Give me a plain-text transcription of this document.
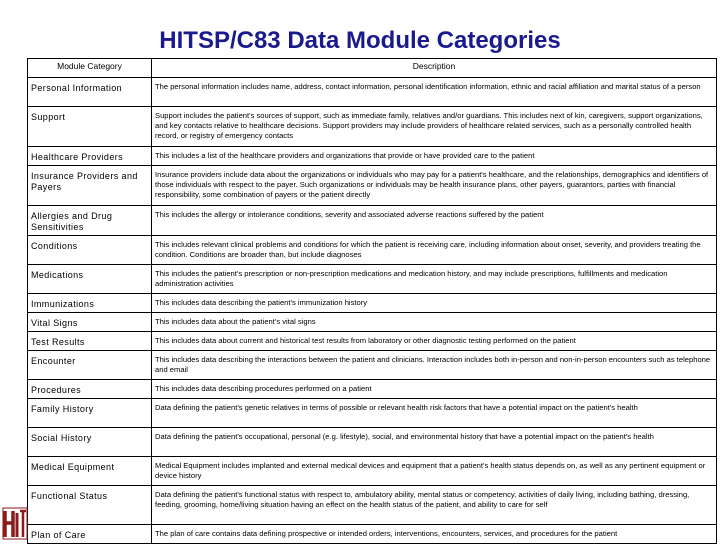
HITSP/C83 Data Module Categories
Module Category	Description
Personal Information	The personal information includes name, address, contact information, personal identification information, ethnic and racial affiliation and marital status of a person
Support	Support includes the patient's sources of support, such as immediate family, relatives and/or guardians. This includes next of kin, caregivers, support organizations, and key contacts relative to healthcare decisions. Support providers may include providers of healthcare related services, such as a personally controlled health record, or registry of emergency contacts
Healthcare Providers	This includes a list of the healthcare providers and organizations that provide or have provided care to the patient
Insurance Providers and Payers	Insurance providers include data about the organizations or individuals who may pay for a patient's healthcare, and the relationships, demographics and identifiers of those individuals with respect to the payer. Such organizations or individuals may be health insurance plans, other payers, guarantors, parties with financial responsibility, some combination of payers or the patient directly
Allergies and Drug Sensitivities	This includes the allergy or intolerance conditions, severity and associated adverse reactions suffered by the patient
Conditions	This includes relevant clinical problems and conditions for which the patient is receiving care, including information about onset, severity, and providers treating the condition. Conditions are broader than, but include diagnoses
Medications	This includes the patient's prescription or non-prescription medications and medication history, and may include prescriptions, fulfillments and medication administration activities
Immunizations	This includes data describing the patient's immunization history
Vital Signs	This includes data about the patient's vital signs
Test Results	This includes data about current and historical test results from laboratory or other diagnostic testing performed on the patient
Encounter	This includes data describing the interactions between the patient and clinicians. Interaction includes both in-person and non-in-person encounters such as telephone and email
Procedures	This includes data describing procedures performed on a patient
Family History	Data defining the patient's genetic relatives in terms of possible or relevant health risk factors that have a potential impact on the patient's health
Social History	Data defining the patient's occupational, personal (e.g. lifestyle), social, and environmental history that have a potential impact on the patient's health
Medical Equipment	Medical Equipment includes implanted and external medical devices and equipment that a patient's health status depends on, as well as any pertinent equipment or device history
Functional Status	Data defining the patient's functional status with respect to, ambulatory ability, mental status or competency, activities of daily living, including bathing, dressing, feeding, grooming, home/living situation having an effect on the health status of the patient, and ability to care for self
Plan of Care	The plan of care contains data defining prospective or intended orders, interventions, encounters, services, and procedures for the patient
